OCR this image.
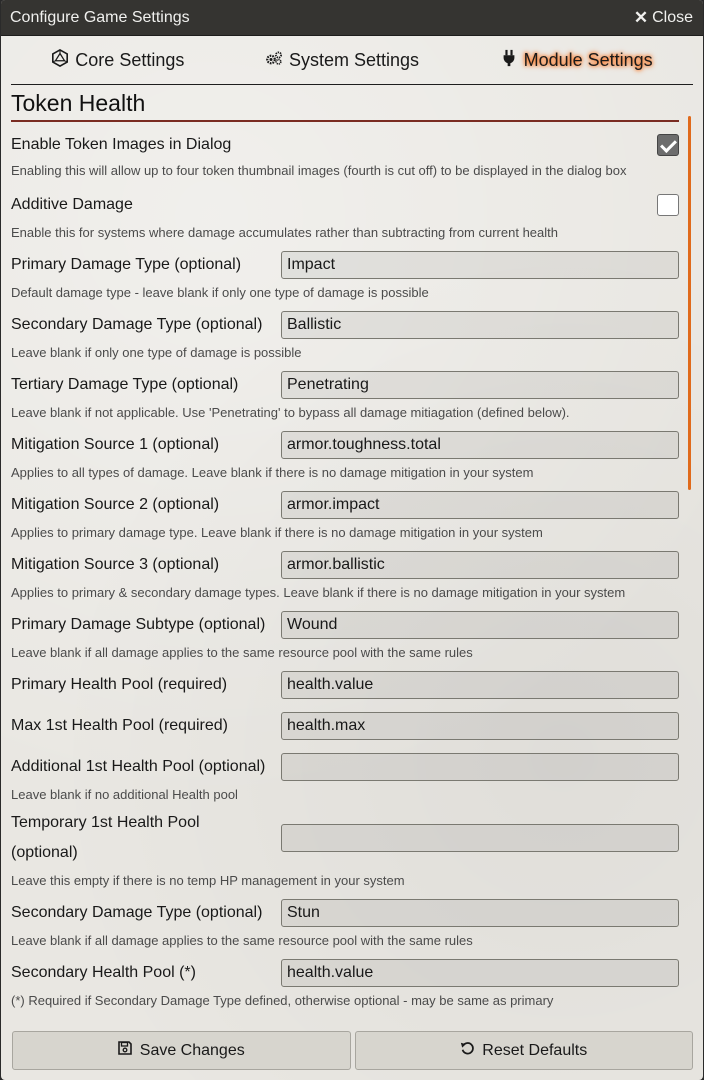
Configure Game Settings	✕ Close
Core Settings	System Settings	Module Settings
Token Health
Enable Token Images in Dialog
Enabling this will allow up to four token thumbnail images (fourth is cut off) to be displayed in the dialog box
Additive Damage
Enable this for systems where damage accumulates rather than subtracting from current health
Primary Damage Type (optional)	Impact
Default damage type - leave blank if only one type of damage is possible
Secondary Damage Type (optional)	Ballistic
Leave blank if only one type of damage is possible
Tertiary Damage Type (optional)	Penetrating
Leave blank if not applicable. Use 'Penetrating' to bypass all damage mitiagation (defined below).
Mitigation Source 1 (optional)	armor.toughness.total
Applies to all types of damage. Leave blank if there is no damage mitigation in your system
Mitigation Source 2 (optional)	armor.impact
Applies to primary damage type. Leave blank if there is no damage mitigation in your system
Mitigation Source 3 (optional)	armor.ballistic
Applies to primary & secondary damage types. Leave blank if there is no damage mitigation in your system
Primary Damage Subtype (optional)	Wound
Leave blank if all damage applies to the same resource pool with the same rules
Primary Health Pool (required)	health.value
Max 1st Health Pool (required)	health.max
Additional 1st Health Pool (optional)
Leave blank if no additional Health pool
Temporary 1st Health Pool
(optional)
Leave this empty if there is no temp HP management in your system
Secondary Damage Type (optional)	Stun
Leave blank if all damage applies to the same resource pool with the same rules
Secondary Health Pool (*)	health.value
(*) Required if Secondary Damage Type defined, otherwise optional - may be same as primary
Save Changes	Reset Defaults
